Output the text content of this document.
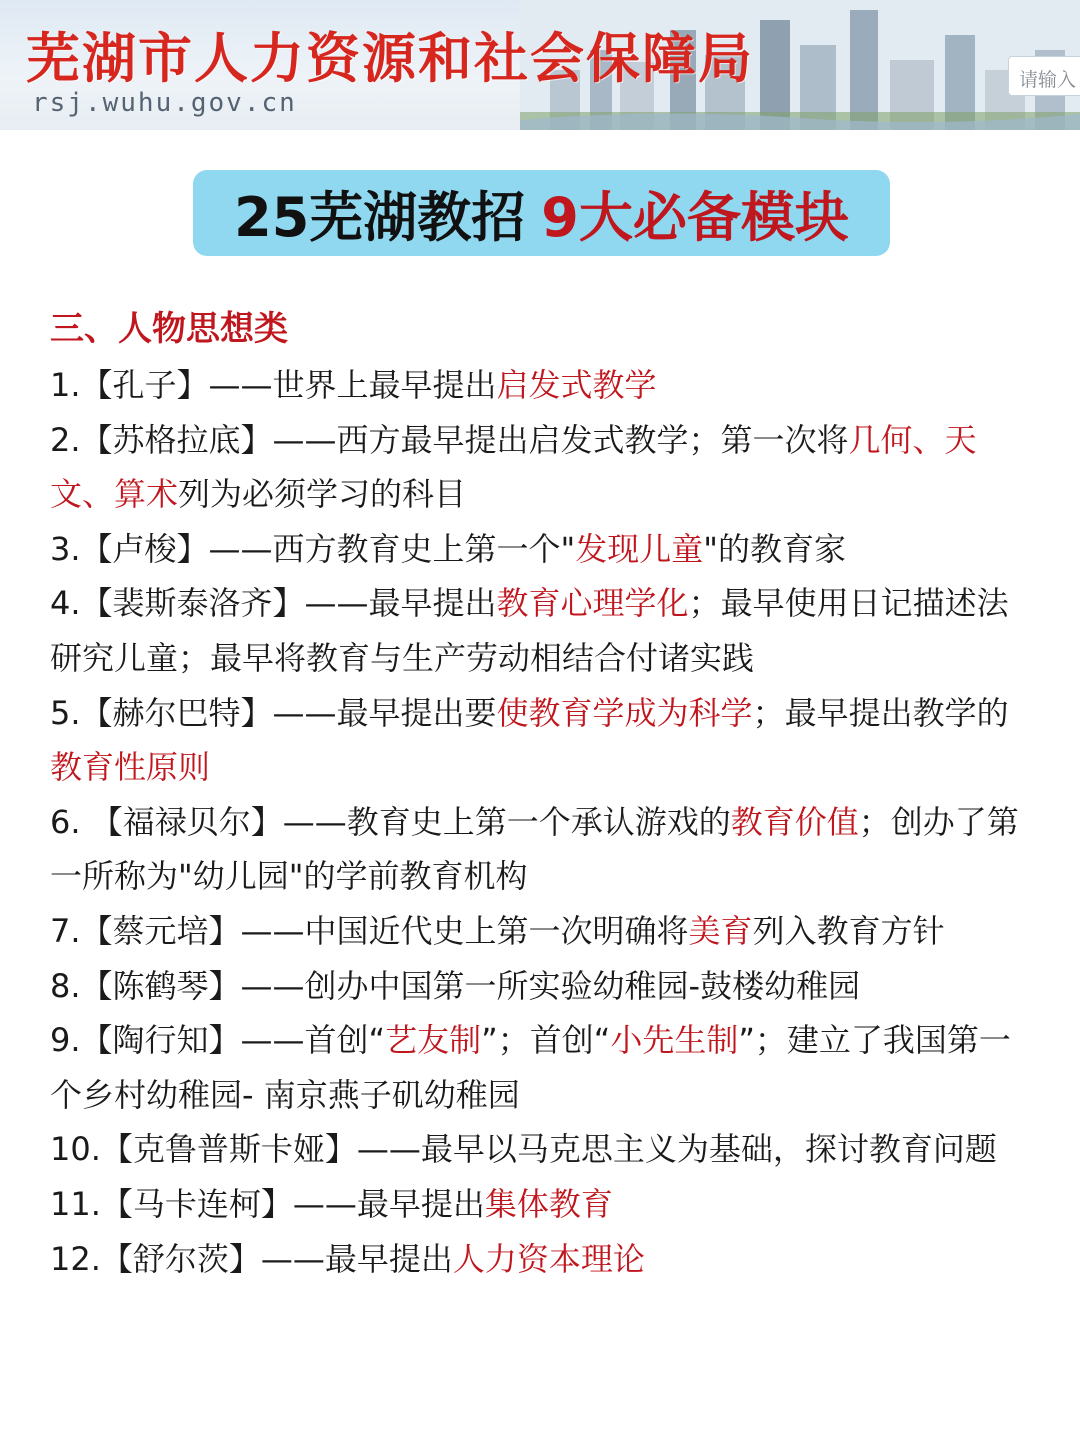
芜湖市人力资源和社会保障局
rsj.wuhu.gov.cn
请输入
25芜湖教招 9大必备模块
三、人物思想类
1.【孔子】——世界上最早提出启发式教学
2.【苏格拉底】——西方最早提出启发式教学；第一次将几何、天文、算术列为必须学习的科目
3.【卢梭】——西方教育史上第一个"发现儿童"的教育家
4.【裴斯泰洛齐】——最早提出教育心理学化；最早使用日记描述法研究儿童；最早将教育与生产劳动相结合付诸实践
5.【赫尔巴特】——最早提出要使教育学成为科学；最早提出教学的教育性原则
6. 【福禄贝尔】——教育史上第一个承认游戏的教育价值；创办了第一所称为"幼儿园"的学前教育机构
7.【蔡元培】——中国近代史上第一次明确将美育列入教育方针
8.【陈鹤琴】——创办中国第一所实验幼稚园-鼓楼幼稚园
9.【陶行知】——首创“艺友制”；首创“小先生制”；建立了我国第一个乡村幼稚园- 南京燕子矶幼稚园
10.【克鲁普斯卡娅】——最早以马克思主义为基础，探讨教育问题
11.【马卡连柯】——最早提出集体教育
12.【舒尔茨】——最早提出人力资本理论
